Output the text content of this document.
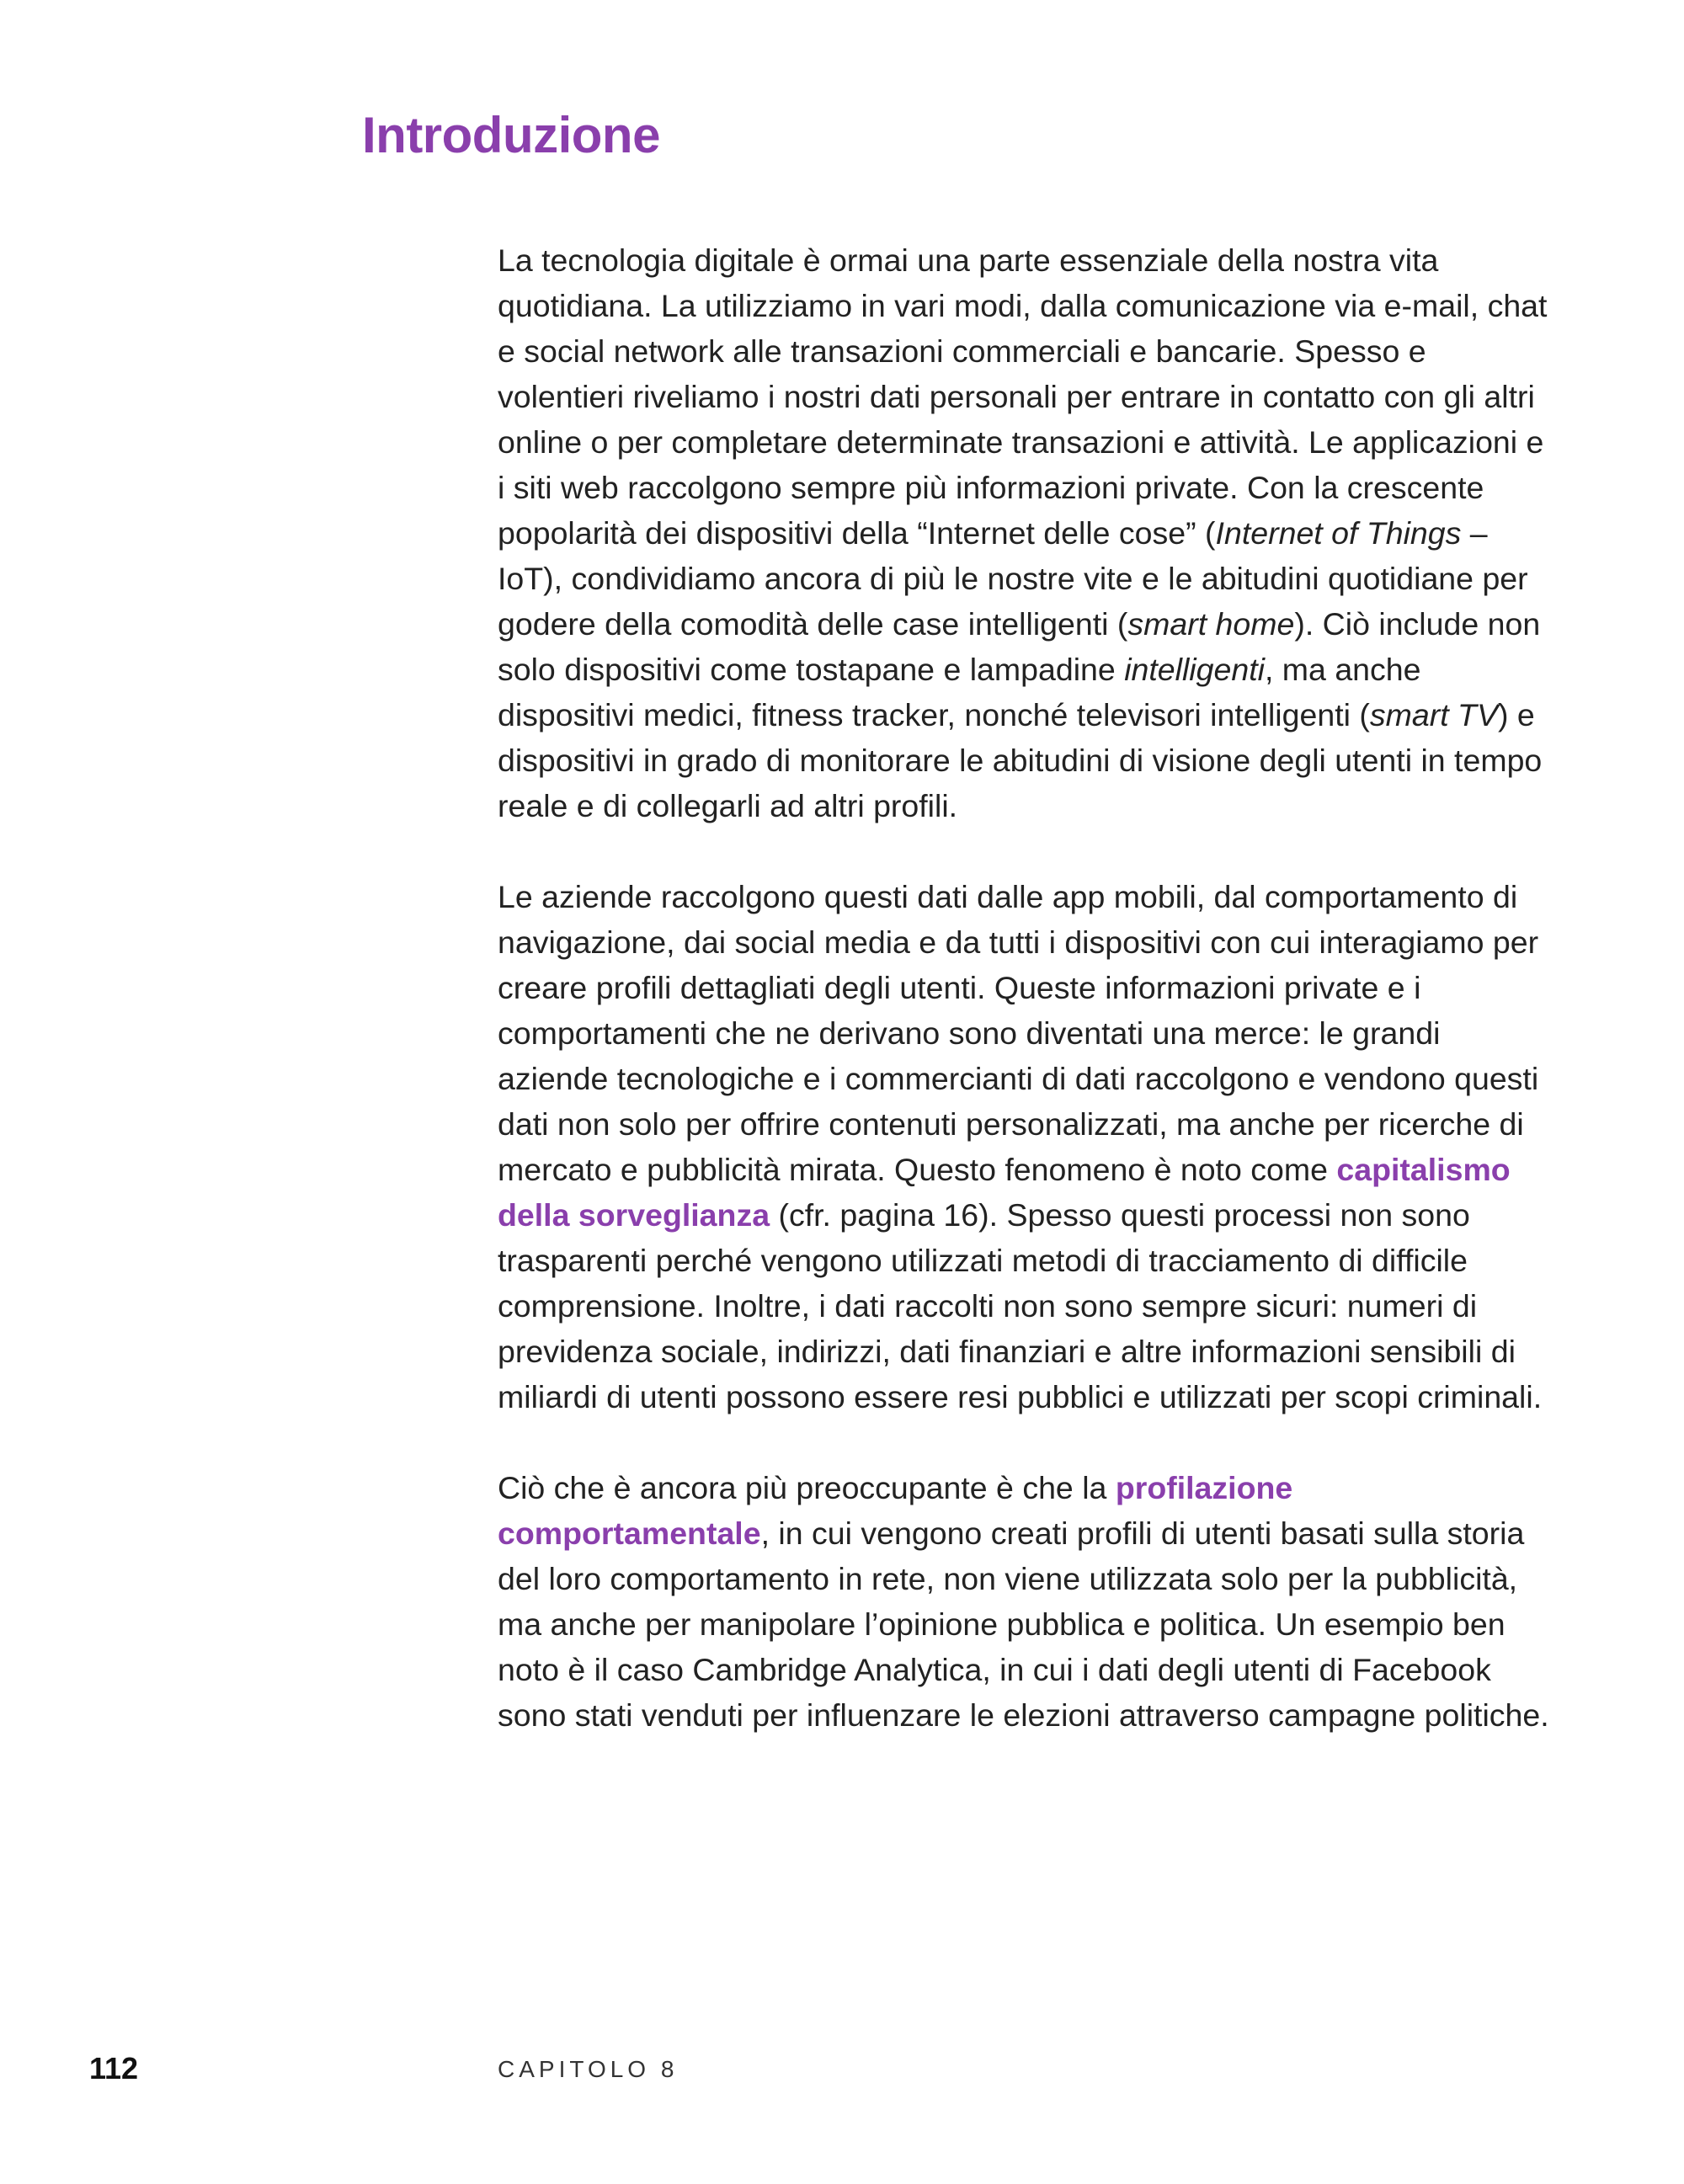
Introduzione

La tecnologia digitale è ormai una parte essenziale della nostra vita quotidiana. La utilizziamo in vari modi, dalla comunicazione via e-mail, chat e social network alle transazioni commerciali e bancarie. Spesso e volentieri riveliamo i nostri dati personali per entrare in contatto con gli altri online o per completare determinate transazioni e attività. Le applicazioni e i siti web raccolgono sempre più informazioni private. Con la crescente popolarità dei dispositivi della “Internet delle cose” (Internet of Things – IoT), condividiamo ancora di più le nostre vite e le abitudini quotidiane per godere della comodità delle case intelligenti (smart home). Ciò include non solo dispositivi come tostapane e lampadine intelligenti, ma anche dispositivi medici, fitness tracker, nonché televisori intelligenti (smart TV) e dispositivi in grado di monitorare le abitudini di visione degli utenti in tempo reale e di collegarli ad altri profili.

Le aziende raccolgono questi dati dalle app mobili, dal comportamento di navigazione, dai social media e da tutti i dispositivi con cui interagiamo per creare profili dettagliati degli utenti. Queste informazioni private e i comportamenti che ne derivano sono diventati una merce: le grandi aziende tecnologiche e i commercianti di dati raccolgono e vendono questi dati non solo per offrire contenuti personalizzati, ma anche per ricerche di mercato e pubblicità mirata. Questo fenomeno è noto come capitalismo della sorveglianza (cfr. pagina 16). Spesso questi processi non sono trasparenti perché vengono utilizzati metodi di tracciamento di difficile comprensione. Inoltre, i dati raccolti non sono sempre sicuri: numeri di previdenza sociale, indirizzi, dati finanziari e altre informazioni sensibili di miliardi di utenti possono essere resi pubblici e utilizzati per scopi criminali.

Ciò che è ancora più preoccupante è che la profilazione comportamentale, in cui vengono creati profili di utenti basati sulla storia del loro comportamento in rete, non viene utilizzata solo per la pubblicità, ma anche per manipolare l’opinione pubblica e politica. Un esempio ben noto è il caso Cambridge Analytica, in cui i dati degli utenti di Facebook sono stati venduti per influenzare le elezioni attraverso campagne politiche.

112	CAPITOLO 8
